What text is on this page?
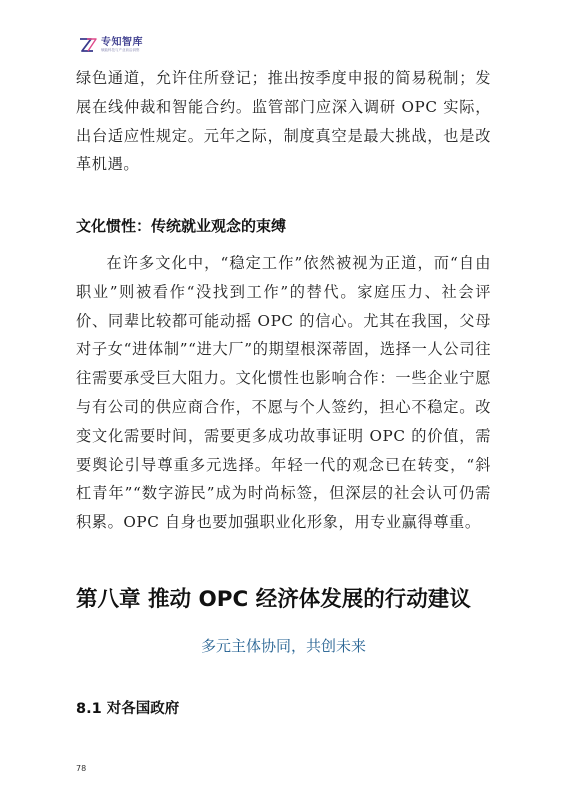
专知智库
赋能科技与产业前沿洞察

绿色通道，允许住所登记；推出按季度申报的简易税制；发展在线仲裁和智能合约。监管部门应深入调研 OPC 实际，出台适应性规定。元年之际，制度真空是最大挑战，也是改革机遇。

文化惯性：传统就业观念的束缚

在许多文化中，“稳定工作”依然被视为正道，而“自由职业”则被看作“没找到工作”的替代。家庭压力、社会评价、同辈比较都可能动摇 OPC 的信心。尤其在我国，父母对子女“进体制”“进大厂”的期望根深蒂固，选择一人公司往往需要承受巨大阻力。文化惯性也影响合作：一些企业宁愿与有公司的供应商合作，不愿与个人签约，担心不稳定。改变文化需要时间，需要更多成功故事证明 OPC 的价值，需要舆论引导尊重多元选择。年轻一代的观念已在转变，“斜杠青年”“数字游民”成为时尚标签，但深层的社会认可仍需积累。OPC 自身也要加强职业化形象，用专业赢得尊重。

第八章 推动 OPC 经济体发展的行动建议

多元主体协同，共创未来

8.1 对各国政府
78
